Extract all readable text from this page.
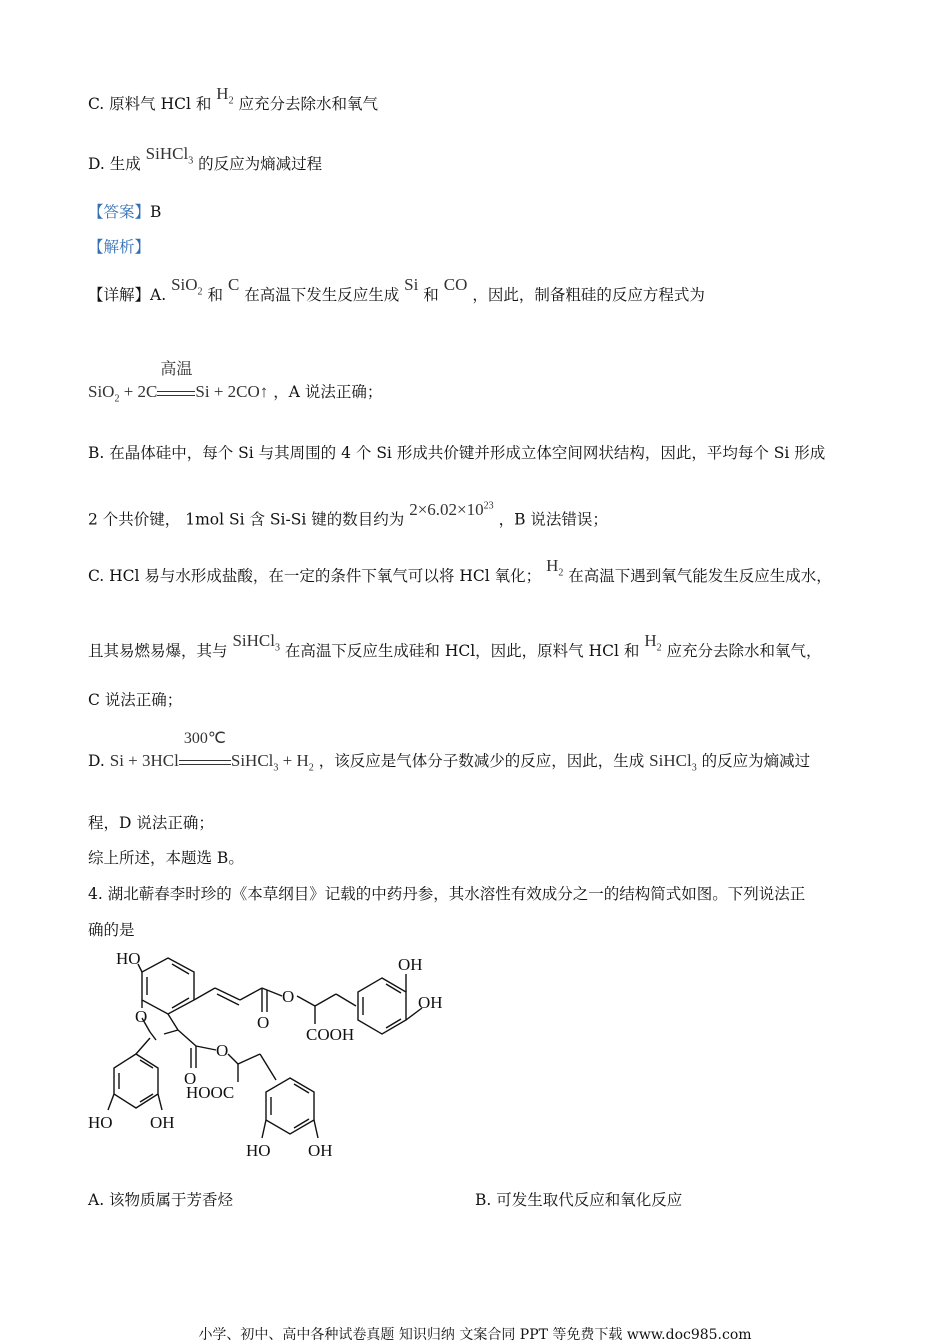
C. 原料气 HCl 和 $H_2$ 应充分去除水和氧气
D. 生成 SiHCl$_3$ 的反应为熵减过程
【答案】B
【解析】
【详解】A. SiO$_2$ 和 C 在高温下发生反应生成 Si 和 CO ，因此，制备粗硅的反应方程式为
SiO$_2$ + 2C
高温
Si + 2CO↑ ，A 说法正确；
B. 在晶体硅中，每个 Si 与其周围的 4 个 Si 形成共价键并形成立体空间网状结构，因此，平均每个 Si 形成
2 个共价键， 1mol Si 含 Si-Si 键的数目约为 $2\times 6.02\times 10^{23}$ ，B 说法错误；
C. HCl 易与水形成盐酸，在一定的条件下氧气可以将 HCl 氧化； $H_2$ 在高温下遇到氧气能发生反应生成水，
且其易燃易爆，其与 SiHCl$_3$ 在高温下反应生成硅和 HCl，因此，原料气 HCl 和 $H_2$ 应充分去除水和氧气，
C 说法正确；
D. Si + 3HCl
300℃
SiHCl$_3$ + $H_2$ ，该反应是气体分子数减少的反应，因此，生成 SiHCl$_3$ 的反应为熵减过
程，D 说法正确；
综上所述，本题选 B。
4. 湖北蕲春李时珍的《本草纲目》记载的中药丹参，其水溶性有效成分之一的结构简式如图。下列说法正
确的是
HO	OH
OH
O
O
O
COOH
O
O
HOOC
HO OH
HO OH
A. 该物质属于芳香烃	B. 可发生取代反应和氧化反应
小学、初中、高中各种试卷真题 知识归纳 文案合同 PPT 等免费下载 www.doc985.com
